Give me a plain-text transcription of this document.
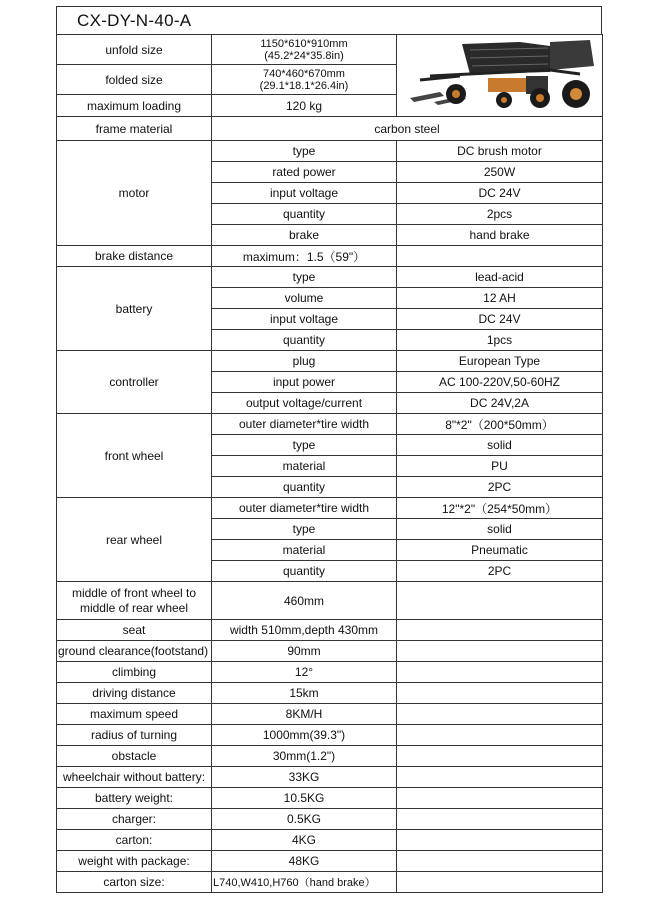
CX-DY-N-40-A
unfold size	1150*610*910mm
(45.2*24*35.8in)

folded size	740*460*670mm
(29.1*18.1*26.4in)	

maximum loading	120 kg	
frame material	carbon steel	
motor	type	DC brush motor
	rated power	250W
	input voltage	DC 24V
	quantity	2pcs
	brake	hand brake
brake distance	maximum：1.5（59"）	
battery	type	lead-acid
	volume	12 AH
	input voltage	DC 24V
	quantity	1pcs
controller	plug	European Type
	input power	AC 100-220V,50-60HZ
	output voltage/current	DC 24V,2A
front wheel	outer diameter*tire width	8"*2"（200*50mm）
	type	solid
	material	PU
	quantity	2PC
rear wheel	outer diameter*tire width	12"*2"（254*50mm）
	type	solid
	material	Pneumatic
	quantity	2PC
middle of front wheel to middle of rear wheel	460mm	
seat	width 510mm,depth 430mm	
ground clearance(footstand)	90mm	
climbing	12°	
driving distance	15km	
maximum speed	8KM/H	
radius of turning	1000mm(39.3")	
obstacle	30mm(1.2")	
wheelchair without battery:	33KG	
battery weight:	10.5KG	
charger:	0.5KG	
carton:	4KG	
weight with package:	48KG	
carton size:	L740,W410,H760（hand brake）	
